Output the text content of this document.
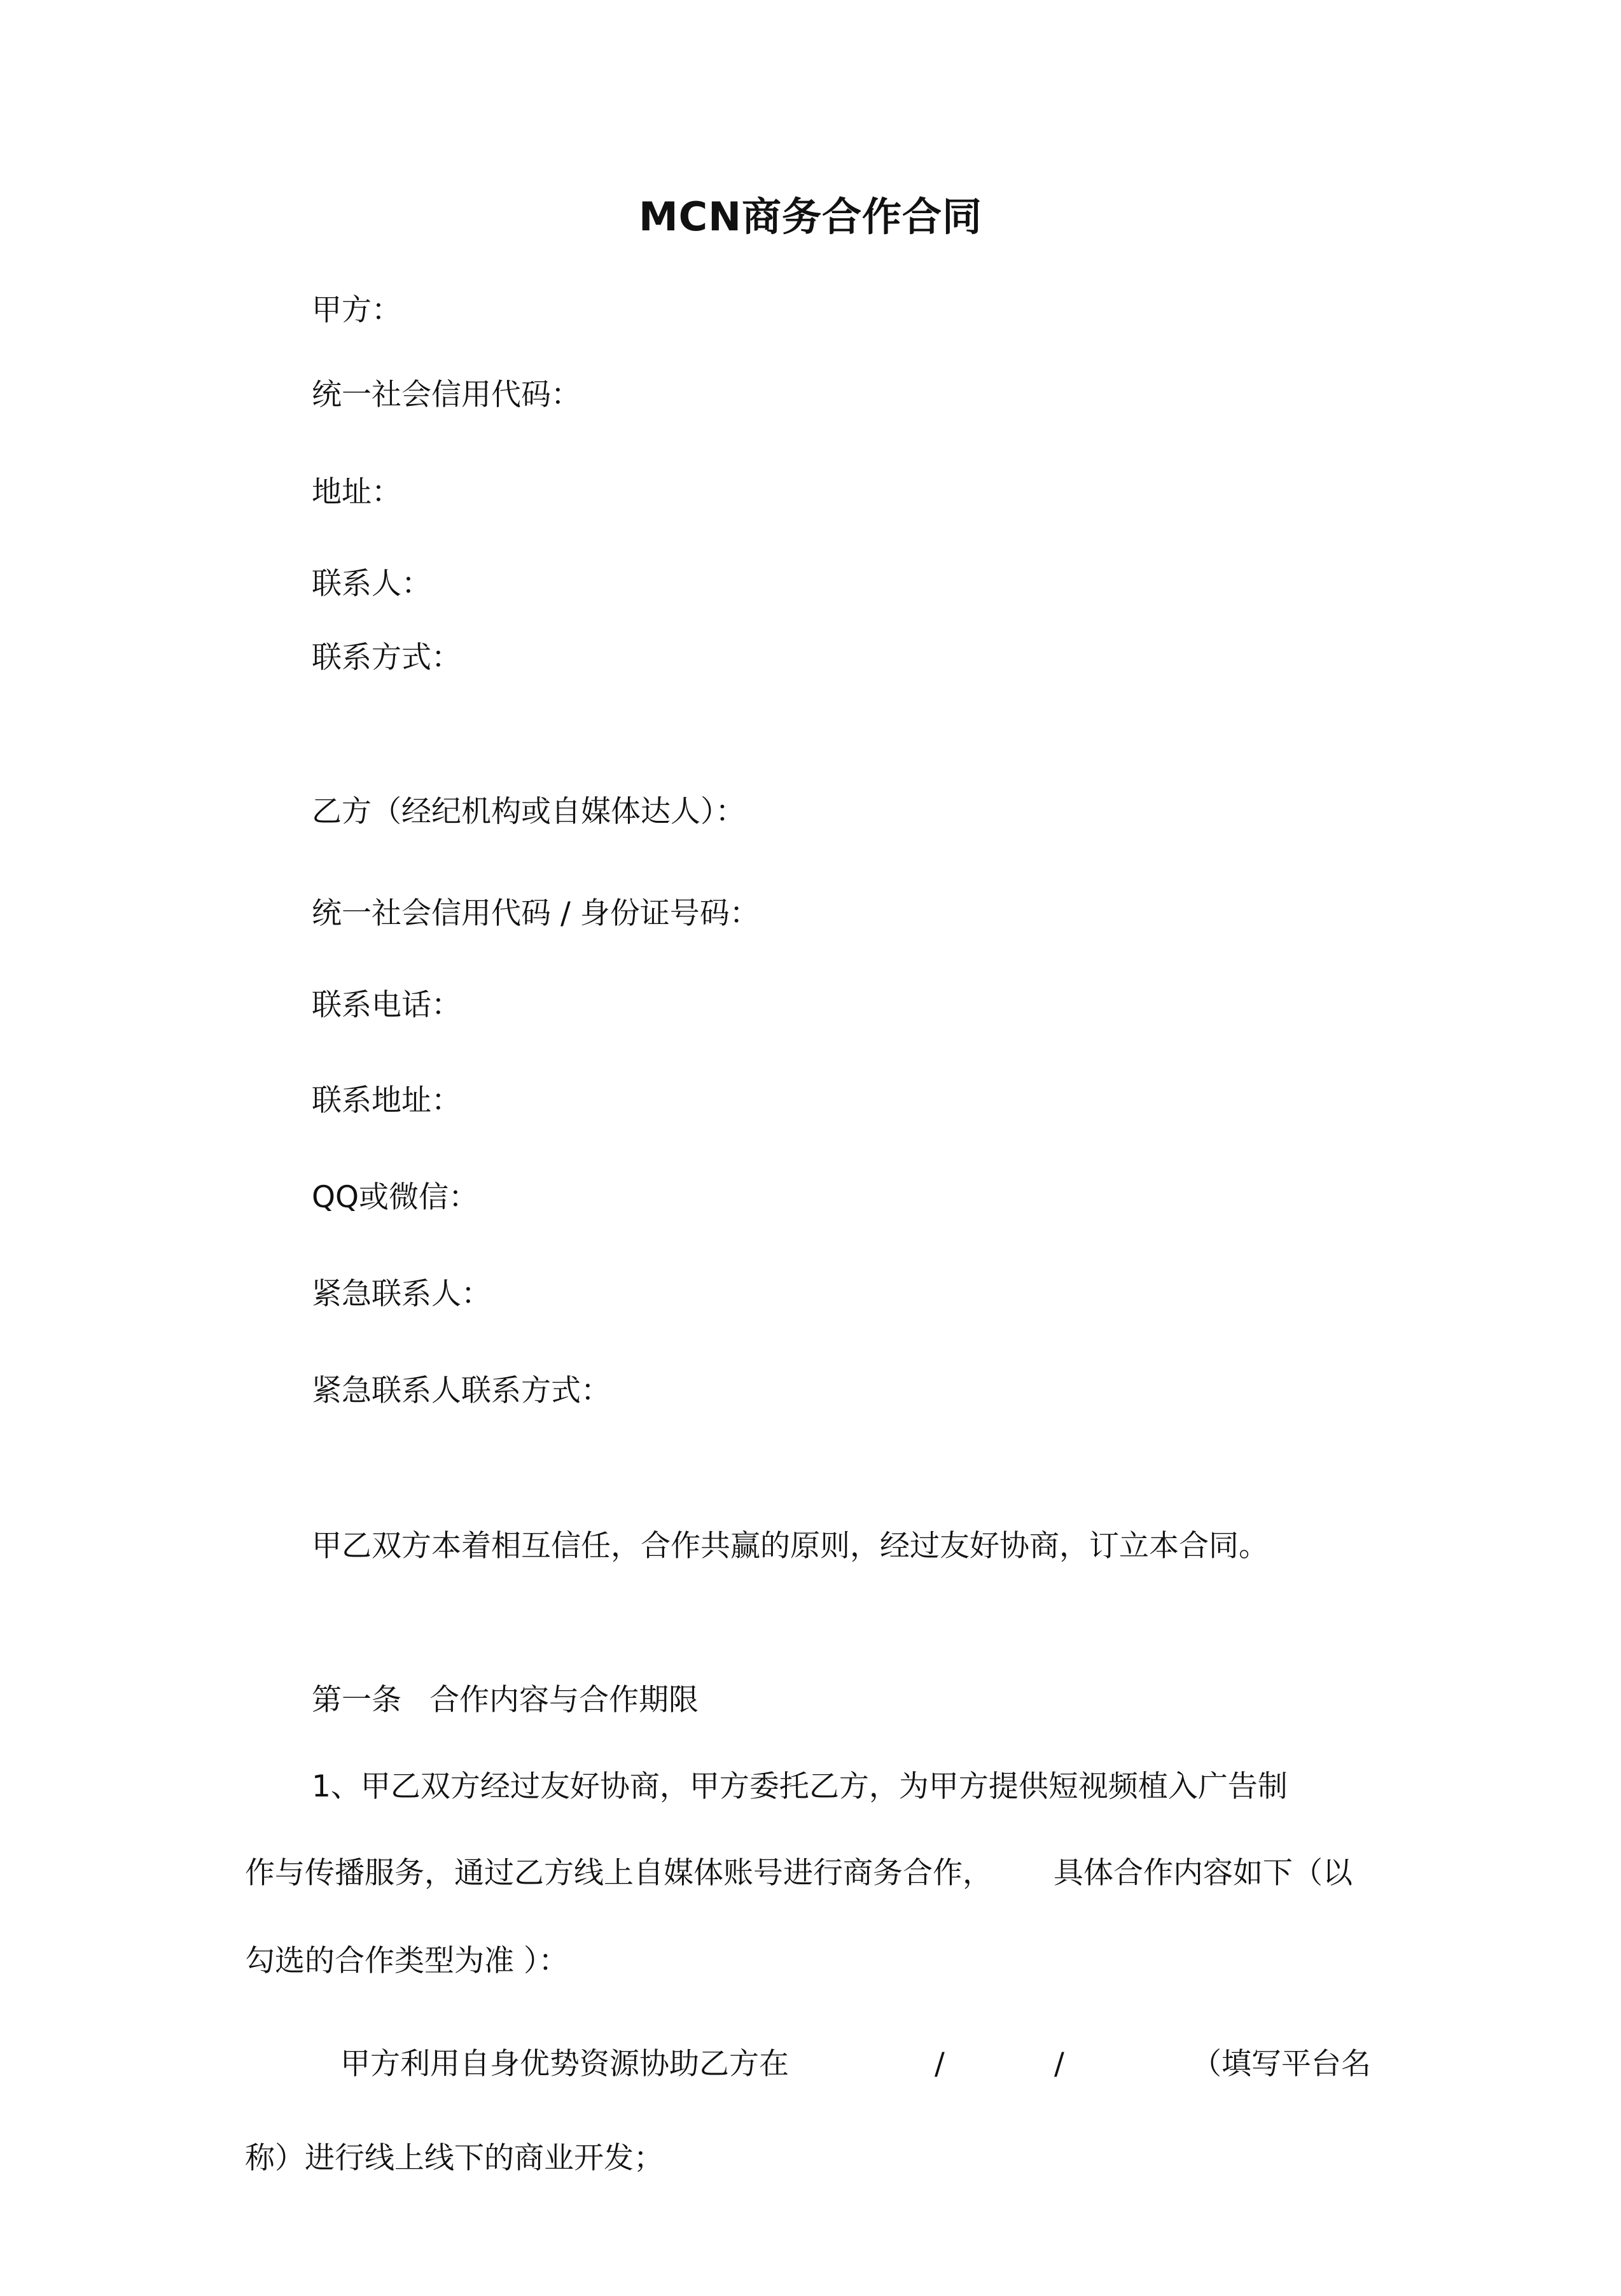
MCN商务合作合同
甲方：
统一社会信用代码：
地址：
联系人：
联系方式：
乙方（经纪机构或自媒体达人）：
统一社会信用代码 / 身份证号码：
联系电话：
联系地址：
QQ或微信：
紧急联系人：
紧急联系人联系方式：
甲乙双方本着相互信任，合作共赢的原则，经过友好协商，订立本合同。
第一条 合作内容与合作期限
1、甲乙双方经过友好协商，甲方委托乙方，为甲方提供短视频植入广告制
作与传播服务，通过乙方线上自媒体账号进行商务合作， 具体合作内容如下（以
勾选的合作类型为准 ）：
甲方利用自身优势资源协助乙方在	/	/	（填写平台名
称）进行线上线下的商业开发；
